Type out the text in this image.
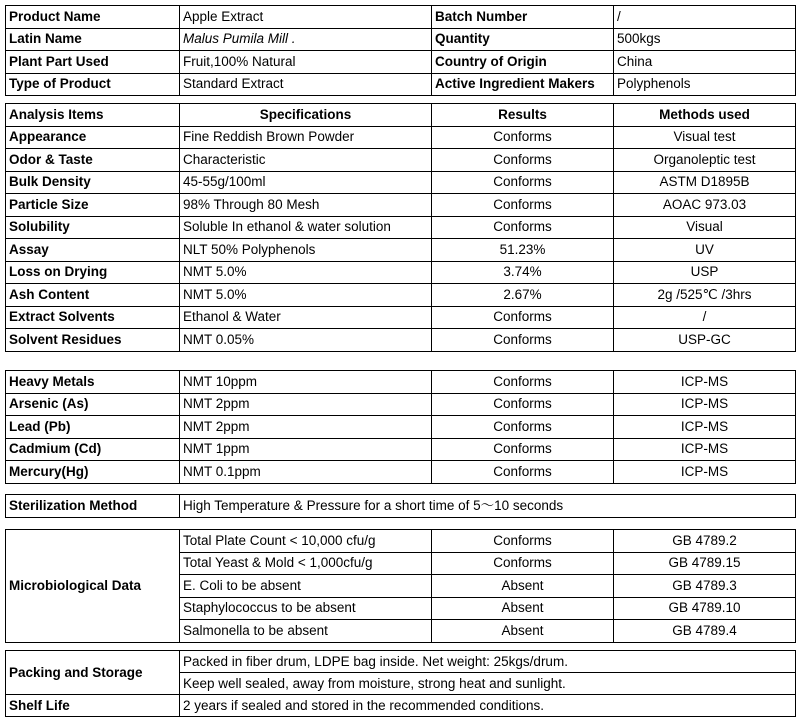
Product Name	Apple Extract	Batch Number	/
Latin Name	Malus Pumila Mill .	Quantity	500kgs
Plant Part Used	Fruit,100% Natural	Country of Origin	China
Type of Product	Standard Extract	Active Ingredient Makers	Polyphenols
Analysis Items	Specifications	Results	Methods used
Appearance	Fine Reddish Brown Powder	Conforms	Visual test
Odor & Taste	Characteristic	Conforms	Organoleptic test
Bulk Density	45-55g/100ml	Conforms	ASTM D1895B
Particle Size	98% Through 80 Mesh	Conforms	AOAC 973.03
Solubility	Soluble In ethanol & water solution	Conforms	Visual
Assay	NLT 50% Polyphenols	51.23%	UV
Loss on Drying	NMT 5.0%	3.74%	USP
Ash Content	NMT 5.0%	2.67%	2g /525℃ /3hrs
Extract Solvents	Ethanol & Water	Conforms	/
Solvent Residues	NMT 0.05%	Conforms	USP-GC
Heavy Metals	NMT 10ppm	Conforms	ICP-MS
Arsenic (As)	NMT 2ppm	Conforms	ICP-MS
Lead (Pb)	NMT 2ppm	Conforms	ICP-MS
Cadmium (Cd)	NMT 1ppm	Conforms	ICP-MS
Mercury(Hg)	NMT 0.1ppm	Conforms	ICP-MS
Sterilization Method	High Temperature & Pressure for a short time of 5～10 seconds
Microbiological Data	Total Plate Count < 10,000 cfu/g	Conforms	GB 4789.2
	Total Yeast & Mold < 1,000cfu/g	Conforms	GB 4789.15
	E. Coli to be absent	Absent	GB 4789.3
	Staphylococcus to be absent	Absent	GB 4789.10
	Salmonella to be absent	Absent	GB 4789.4
Packing and Storage	Packed in fiber drum, LDPE bag inside. Net weight: 25kgs/drum.
	Keep well sealed, away from moisture, strong heat and sunlight.
Shelf Life	2 years if sealed and stored in the recommended conditions.
